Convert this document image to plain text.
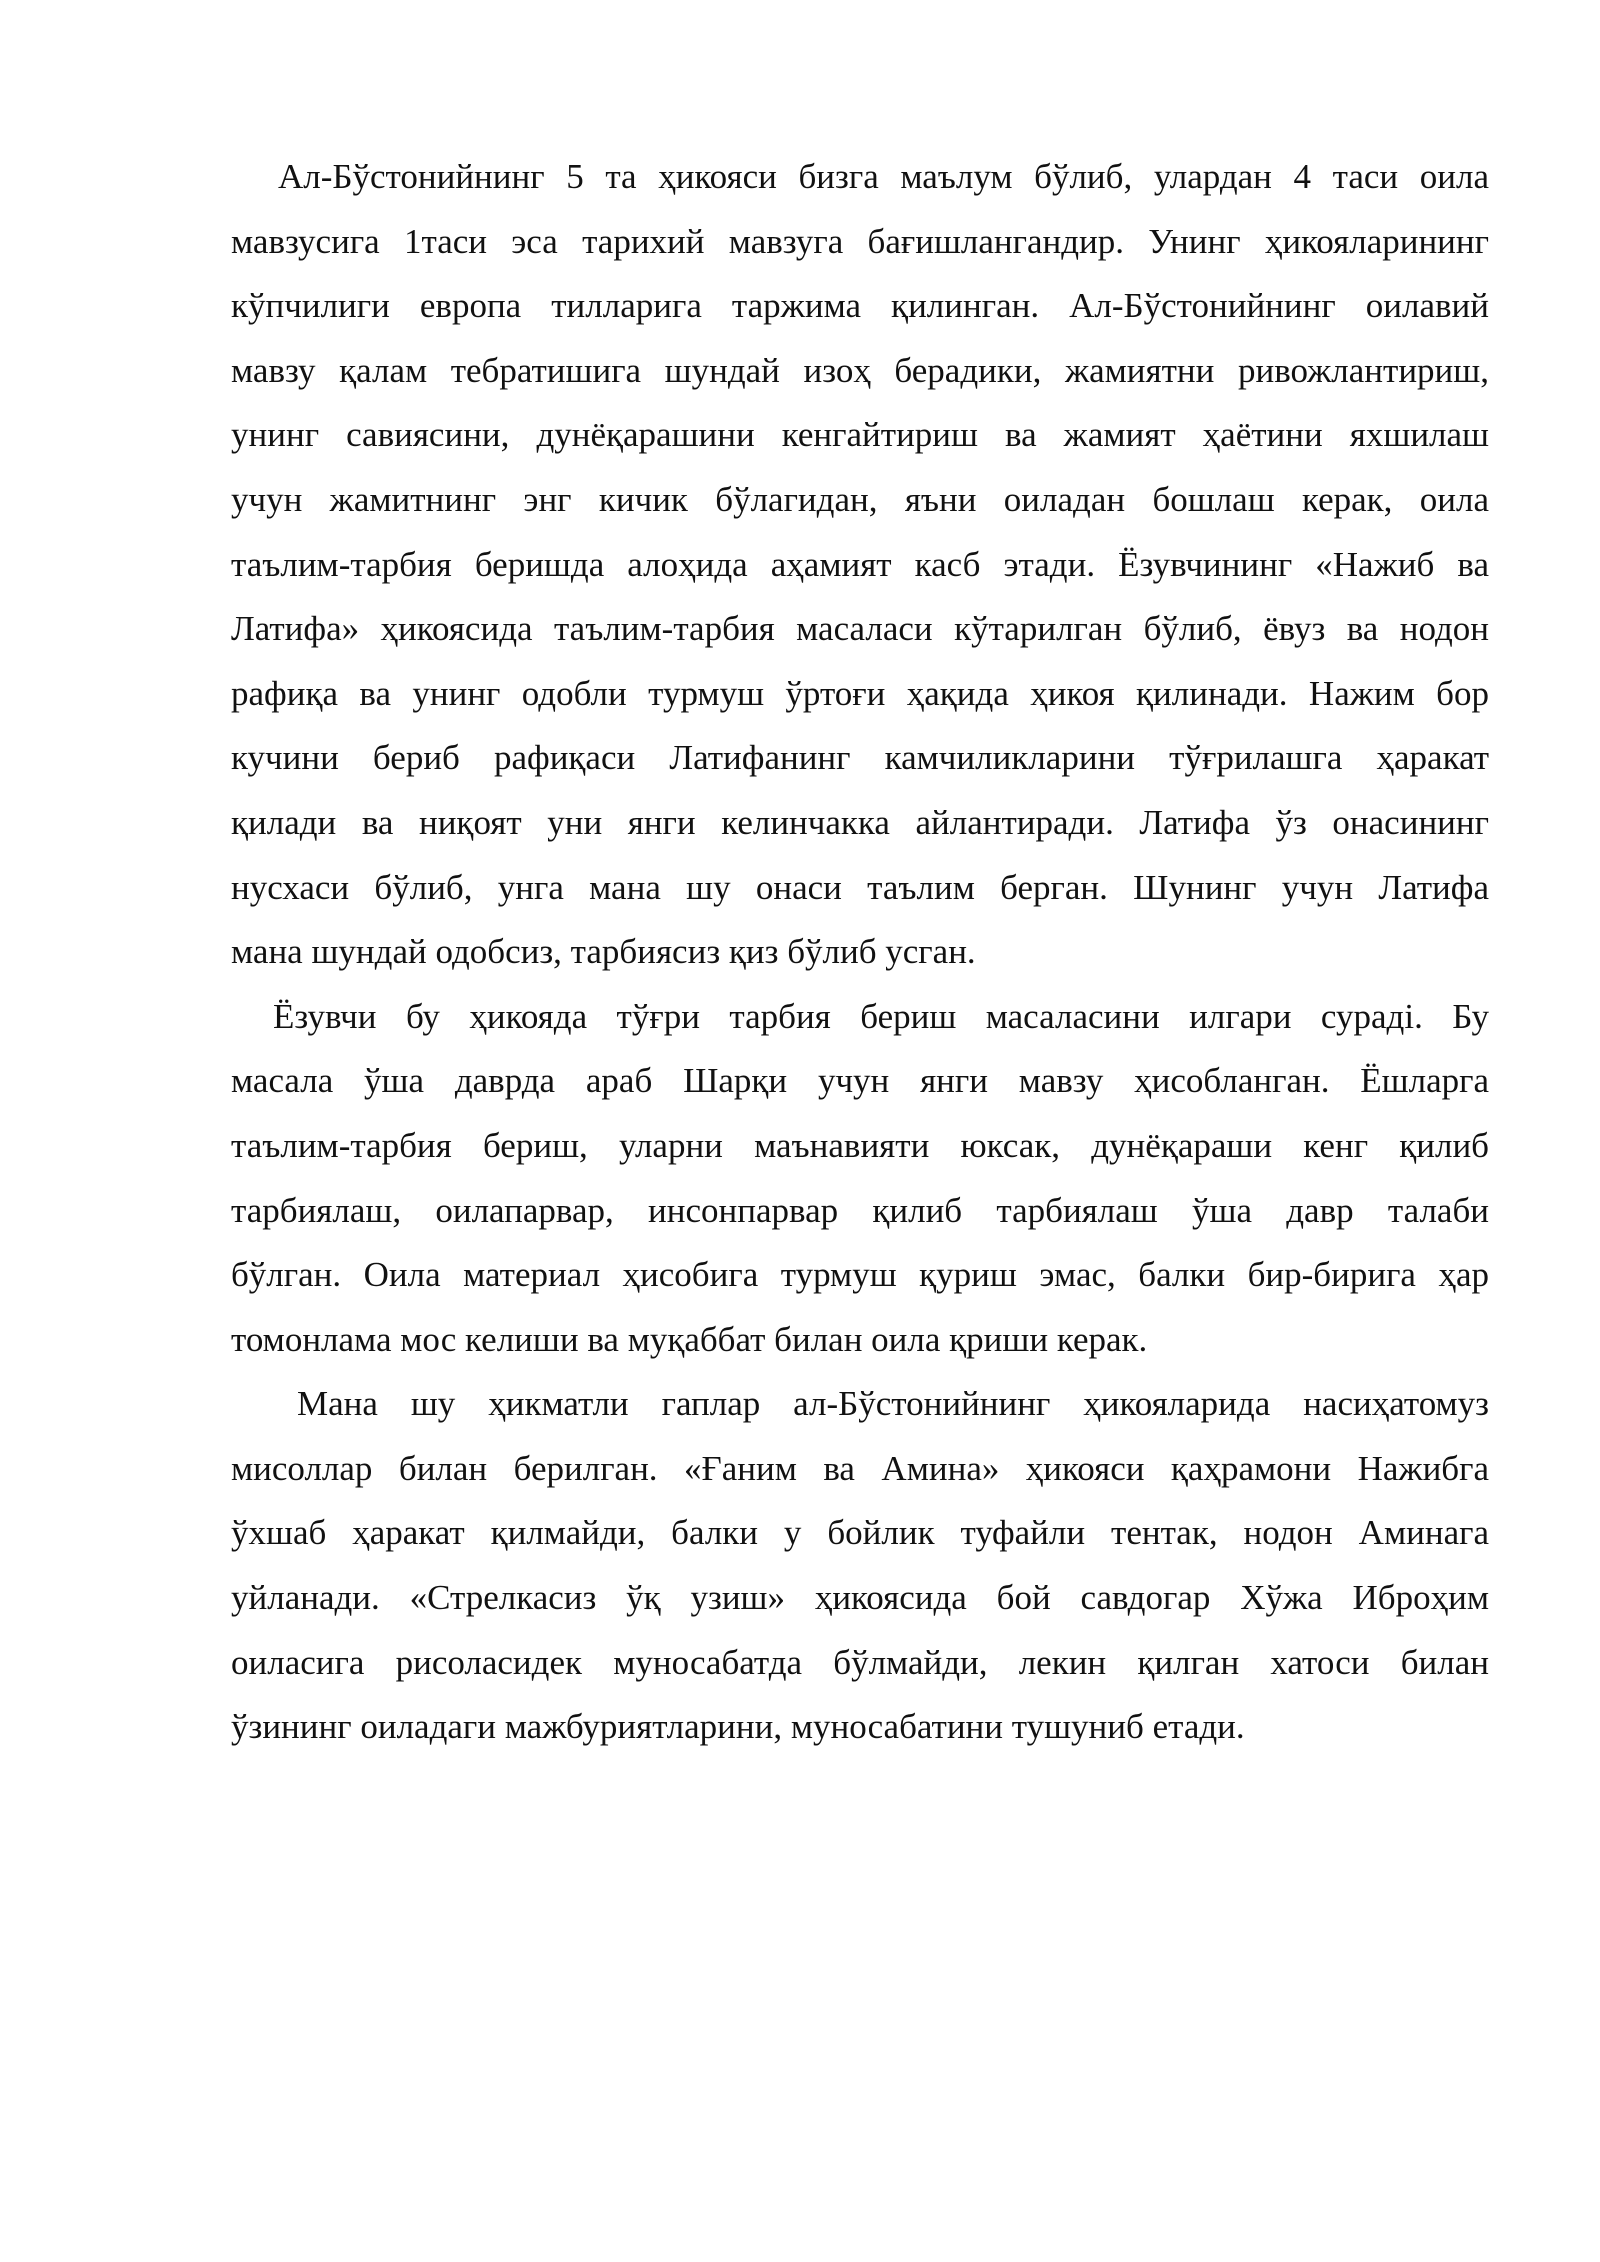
Ал-Бўстонийнинг 5 та ҳикояси бизга маълум бўлиб, улардан 4 таси оила
мавзусига 1таси эса тарихий мавзуга бағишлангандир. Унинг ҳикояларининг
кўпчилиги европа тилларига таржима қилинган. Ал-Бўстонийнинг оилавий
мавзу қалам тебратишига шундай изоҳ берадики, жамиятни ривожлантириш,
унинг савиясини, дунёқарашини кенгайтириш ва жамият ҳаётини яхшилаш
учун жамитнинг энг кичик бўлагидан, яъни оиладан бошлаш керак, оила
таълим-тарбия беришда алоҳида аҳамият касб этади. Ёзувчининг «Нажиб ва
Латифа» ҳикоясида таълим-тарбия масаласи кўтарилган бўлиб, ёвуз ва нодон
рафиқа ва унинг одобли турмуш ўртоғи ҳақида ҳикоя қилинади. Нажим бор
кучини бериб рафиқаси Латифанинг камчиликларини тўғрилашга ҳаракат
қилади ва ниқоят уни янги келинчакка айлантиради. Латифа ўз онасининг
нусхаси бўлиб, унга мана шу онаси таълим берган. Шунинг учун Латифа
мана шундай одобсиз, тарбиясиз қиз бўлиб усган.
Ёзувчи бу ҳикояда тўғри тарбия бериш масаласини илгари сурадi. Бу
масала ўша даврда араб Шарқи учун янги мавзу ҳисобланган. Ёшларга
таълим-тарбия бериш, уларни маънавияти юксак, дунёқараши кенг қилиб
тарбиялаш, оилапарвар, инсонпарвар қилиб тарбиялаш ўша давр талаби
бўлган. Оила материал ҳисобига турмуш қуриш эмас, балки бир-бирига ҳар
томонлама мос келиши ва муқаббат билан оила қриши керак.
Мана шу ҳикматли гаплар ал-Бўстонийнинг ҳикояларида насиҳатомуз
мисоллар билан берилган. «Ғаним ва Амина» ҳикояси қаҳрамони Нажибга
ўхшаб ҳаракат қилмайди, балки у бойлик туфайли тентак, нодон Аминага
уйланади. «Стрелкасиз ўқ узиш» ҳикоясида бой савдогар Хўжа Иброҳим
оиласига рисоласидек муносабатда бўлмайди, лекин қилган хатоси билан
ўзининг оиладаги мажбуриятларини, муносабатини тушуниб етади.
